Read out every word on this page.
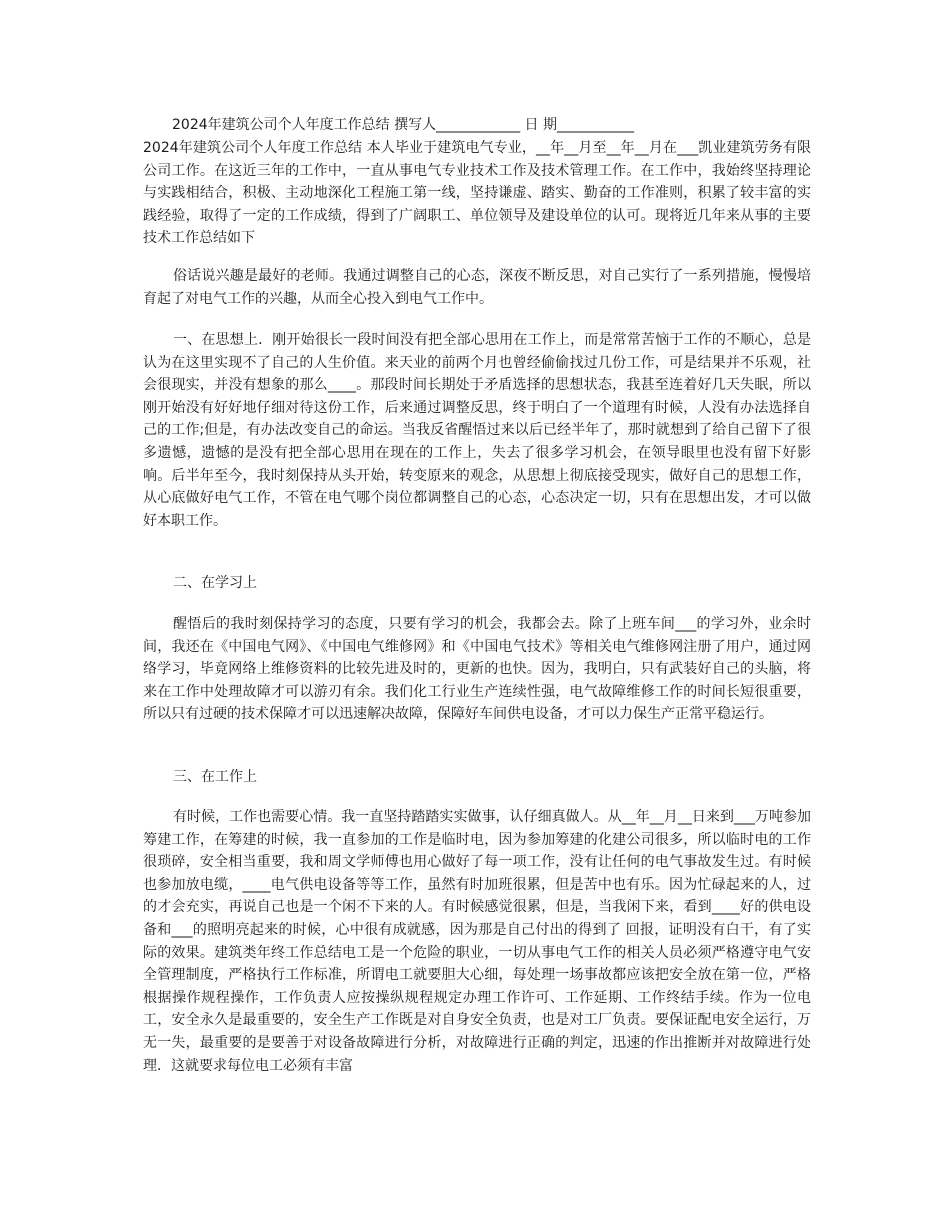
2024年建筑公司个人年度工作总结 撰写人____________ 日 期___________

2024年建筑公司个人年度工作总结 本人毕业于建筑电气专业，__年__月至__年__月在___凯业建筑劳务有限公司工作。在这近三年的工作中，一直从事电气专业技术工作及技术管理工作。在工作中，我始终坚持理论与实践相结合，积极、主动地深化工程施工第一线，坚持谦虚、踏实、勤奋的工作准则，积累了较丰富的实践经验，取得了一定的工作成绩，得到了广阔职工、单位领导及建设单位的认可。现将近几年来从事的主要技术工作总结如下

俗话说兴趣是最好的老师。我通过调整自己的心态，深夜不断反思，对自己实行了一系列措施，慢慢培育起了对电气工作的兴趣，从而全心投入到电气工作中。

一、在思想上．刚开始很长一段时间没有把全部心思用在工作上，而是常常苦恼于工作的不顺心，总是认为在这里实现不了自己的人生价值。来天业的前两个月也曾经偷偷找过几份工作，可是结果并不乐观，社会很现实，并没有想象的那么____。那段时间长期处于矛盾选择的思想状态，我甚至连着好几天失眠，所以刚开始没有好好地仔细对待这份工作，后来通过调整反思，终于明白了一个道理有时候，人没有办法选择自己的工作;但是，有办法改变自己的命运。当我反省醒悟过来以后已经半年了，那时就想到了给自己留下了很多遗憾，遗憾的是没有把全部心思用在现在的工作上，失去了很多学习机会，在领导眼里也没有留下好影响。后半年至今，我时刻保持从头开始，转变原来的观念，从思想上彻底接受现实，做好自己的思想工作，从心底做好电气工作，不管在电气哪个岗位都调整自己的心态，心态决定一切，只有在思想出发，才可以做好本职工作。

二、在学习上

醒悟后的我时刻保持学习的态度，只要有学习的机会，我都会去。除了上班车间___的学习外，业余时间，我还在《中国电气网》、《中国电气维修网》和《中国电气技术》等相关电气维修网注册了用户，通过网络学习，毕竟网络上维修资料的比较先进及时的，更新的也快。因为，我明白，只有武装好自己的头脑，将来在工作中处理故障才可以游刃有余。我们化工行业生产连续性强，电气故障维修工作的时间长短很重要，所以只有过硬的技术保障才可以迅速解决故障，保障好车间供电设备，才可以力保生产正常平稳运行。

三、在工作上

有时候，工作也需要心情。我一直坚持踏踏实实做事，认仔细真做人。从__年__月__日来到___万吨参加筹建工作，在筹建的时候，我一直参加的工作是临时电，因为参加筹建的化建公司很多，所以临时电的工作很琐碎，安全相当重要，我和周文学师傅也用心做好了每一项工作，没有让任何的电气事故发生过。有时候也参加放电缆，____电气供电设备等等工作，虽然有时加班很累，但是苦中也有乐。因为忙碌起来的人，过的才会充实，再说自己也是一个闲不下来的人。有时候感觉很累，但是，当我闲下来，看到____好的供电设备和___的照明亮起来的时候，心中很有成就感，因为那是自己付出的得到了 回报，证明没有白干，有了实际的效果。建筑类年终工作总结电工是一个危险的职业，一切从事电气工作的相关人员必须严格遵守电气安全管理制度，严格执行工作标准，所谓电工就要胆大心细，每处理一场事故都应该把安全放在第一位，严格根据操作规程操作，工作负责人应按操纵规程规定办理工作许可、工作延期、工作终结手续。作为一位电工，安全永久是最重要的，安全生产工作既是对自身安全负责，也是对工厂负责。要保证配电安全运行，万无一失，最重要的是要善于对设备故障进行分析，对故障进行正确的判定，迅速的作出推断并对故障进行处理．这就要求每位电工必须有丰富
